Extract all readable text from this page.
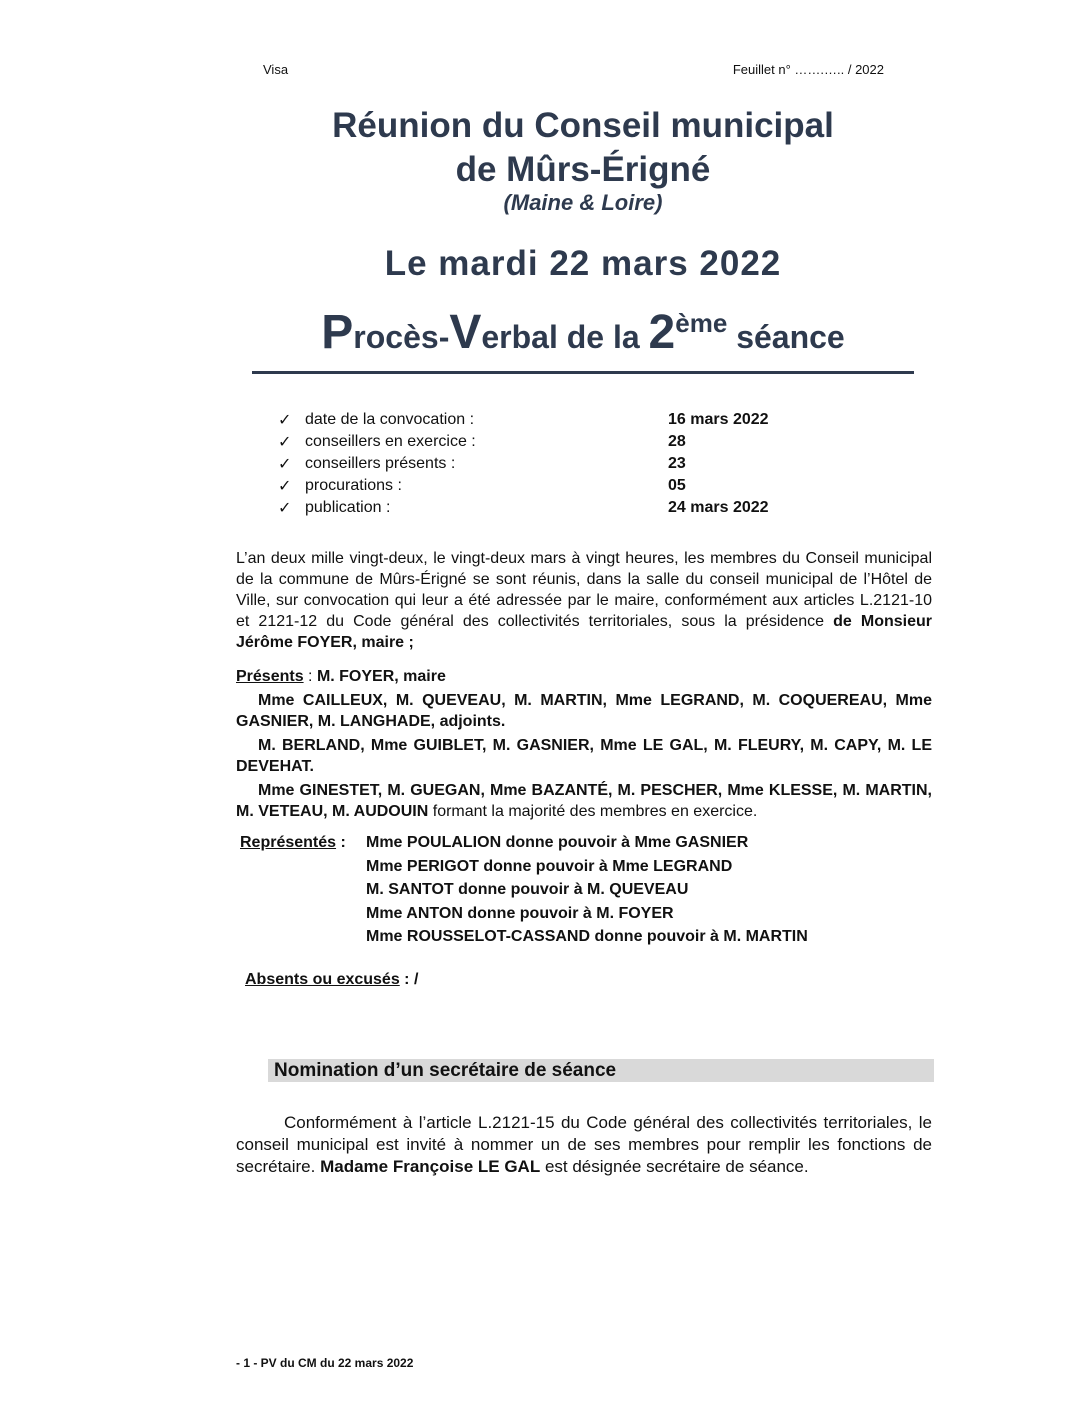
Visa	Feuillet n° …….….. / 2022
Réunion du Conseil municipal
de Mûrs-Érigné
(Maine & Loire)
Le mardi 22 mars 2022
Procès-Verbal de la 2ème séance
✓ date de la convocation :	16 mars 2022
✓ conseillers en exercice :	28
✓ conseillers présents :	23
✓ procurations :	05
✓ publication :	24 mars 2022
L’an deux mille vingt-deux, le vingt-deux mars à vingt heures, les membres du Conseil municipal de la commune de Mûrs-Érigné se sont réunis, dans la salle du conseil municipal de l’Hôtel de Ville, sur convocation qui leur a été adressée par le maire, conformément aux articles L.2121-10 et 2121-12 du Code général des collectivités territoriales, sous la présidence de Monsieur Jérôme FOYER, maire ;
Présents : M. FOYER, maire
Mme CAILLEUX, M. QUEVEAU, M. MARTIN, Mme LEGRAND, M. COQUEREAU, Mme GASNIER, M. LANGHADE, adjoints.
M. BERLAND, Mme GUIBLET, M. GASNIER, Mme LE GAL, M. FLEURY, M. CAPY, M. LE DEVEHAT.
Mme GINESTET, M. GUEGAN, Mme BAZANTÉ, M. PESCHER, Mme KLESSE, M. MARTIN, M. VETEAU, M. AUDOUIN formant la majorité des membres en exercice.
Représentés :	Mme POULALION donne pouvoir à Mme GASNIER
Mme PERIGOT donne pouvoir à Mme LEGRAND
M. SANTOT donne pouvoir à M. QUEVEAU
Mme ANTON donne pouvoir à M. FOYER
Mme ROUSSELOT-CASSAND donne pouvoir à M. MARTIN
Absents ou excusés : /
Nomination d’un secrétaire de séance
Conformément à l’article L.2121-15 du Code général des collectivités territoriales, le conseil municipal est invité à nommer un de ses membres pour remplir les fonctions de secrétaire. Madame Françoise LE GAL est désignée secrétaire de séance.
- 1 - PV du CM du 22 mars 2022
